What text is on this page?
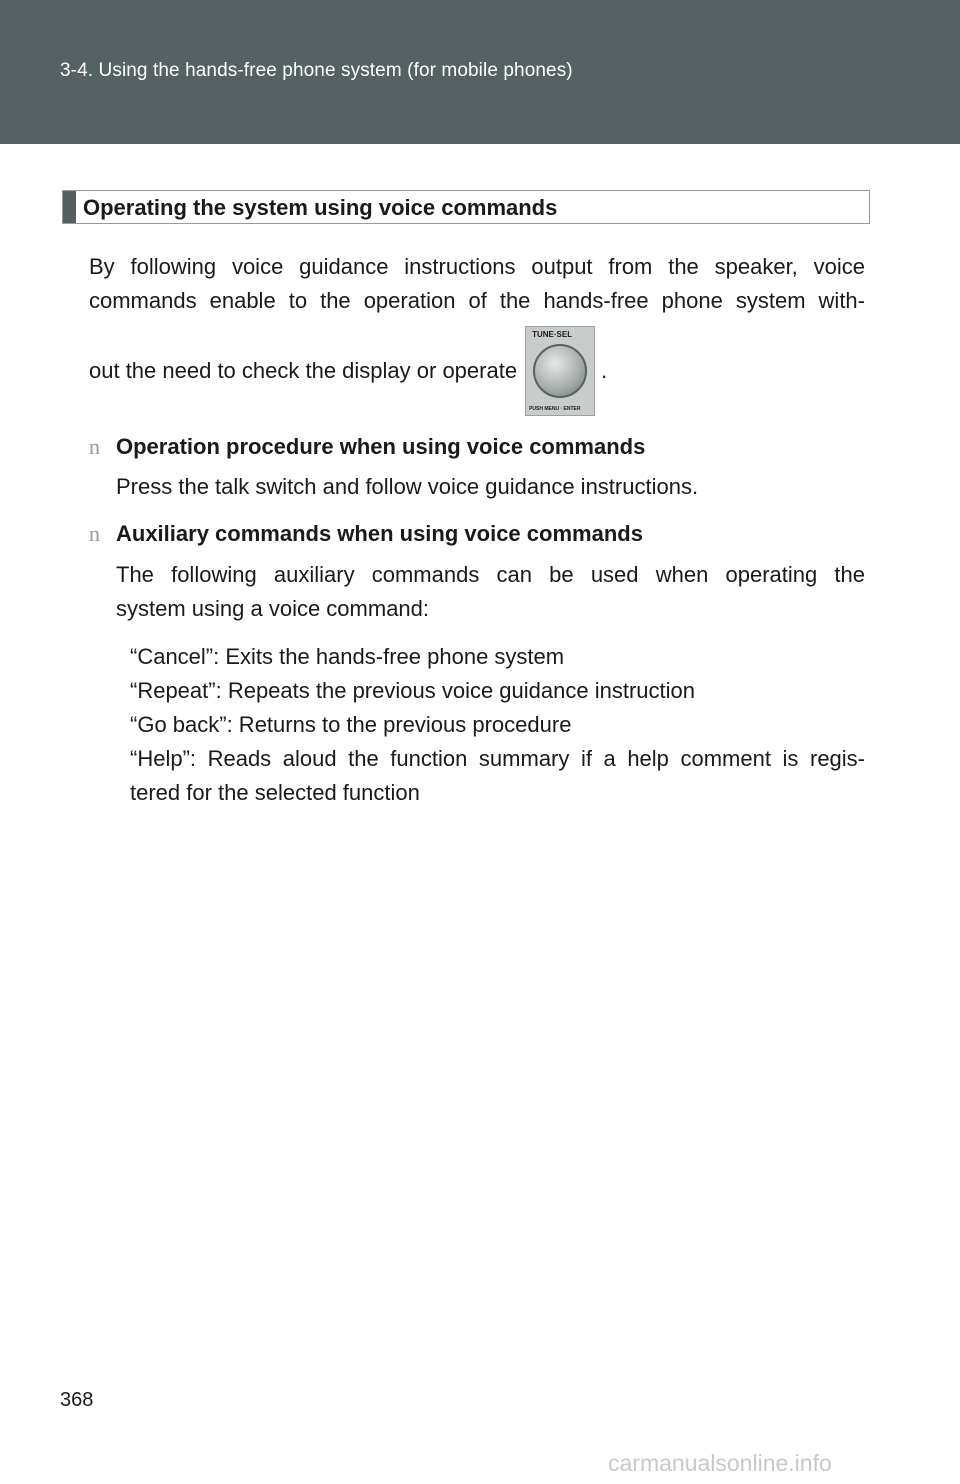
3-4. Using the hands-free phone system (for mobile phones)
Operating the system using voice commands
By following voice guidance instructions output from the speaker, voice
commands enable to the operation of the hands-free phone system with-
out the need to check the display or operate
TUNE·SEL
PUSH MENU · ENTER
.
n Operation procedure when using voice commands
Press the talk switch and follow voice guidance instructions.
n Auxiliary commands when using voice commands
The following auxiliary commands can be used when operating the
system using a voice command:
“Cancel”: Exits the hands-free phone system
“Repeat”: Repeats the previous voice guidance instruction
“Go back”: Returns to the previous procedure
“Help”: Reads aloud the function summary if a help comment is regis-
tered for the selected function
368
carmanualsonline.info
